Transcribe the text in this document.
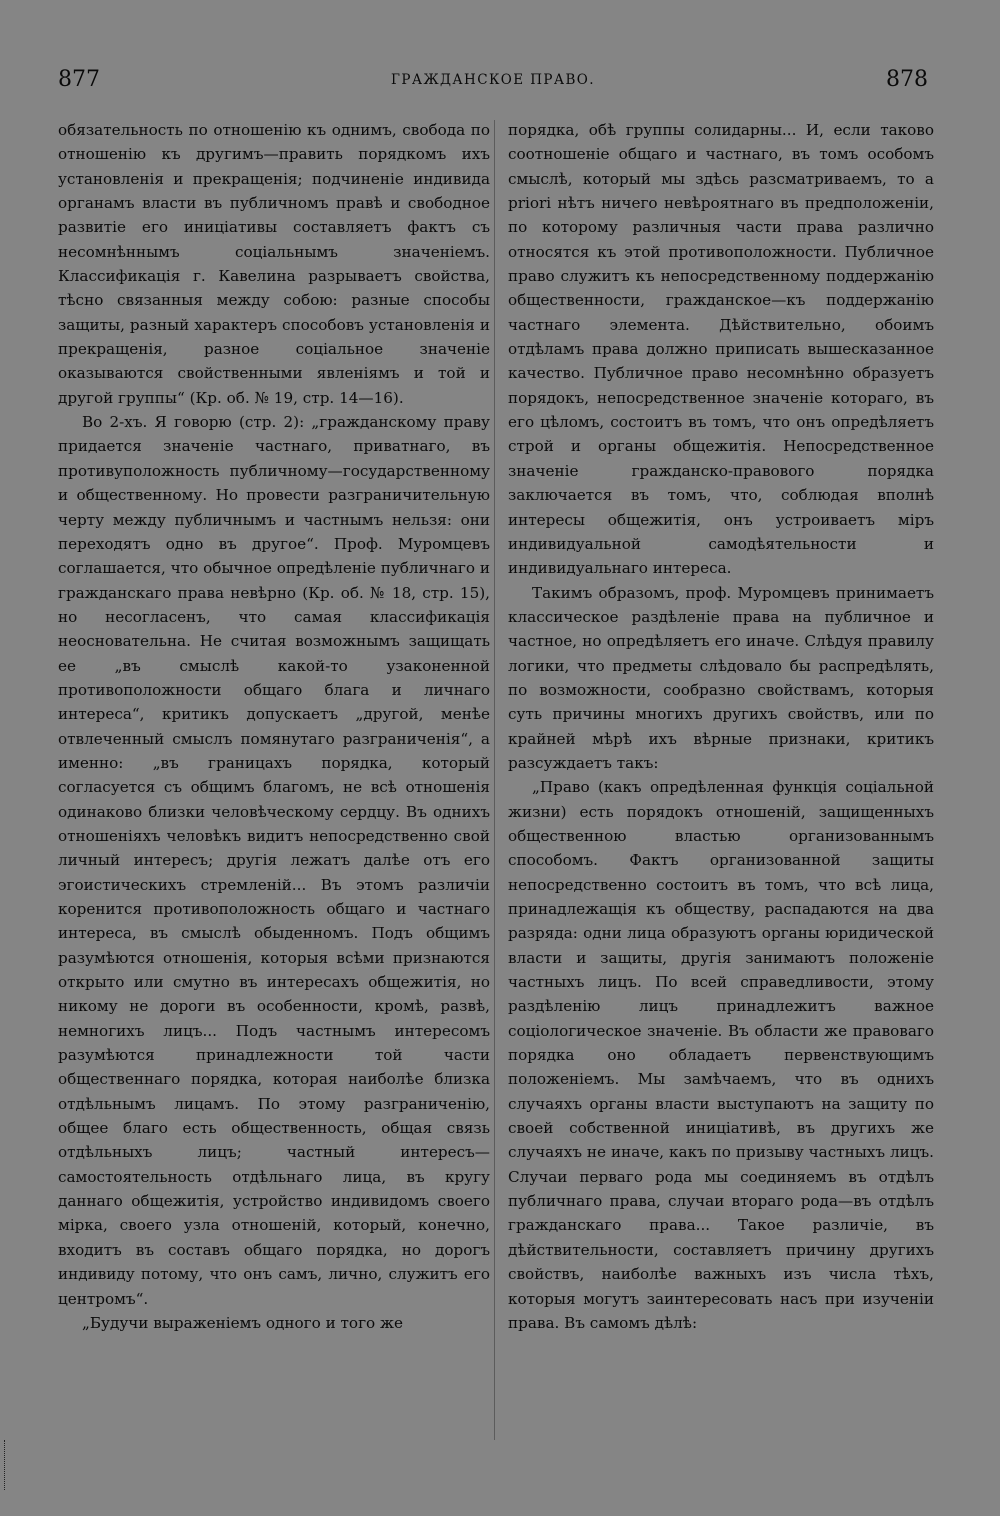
877	ГРАЖДАНСКОЕ ПРАВО.	878

обязательность по отношенію къ однимъ, свобода по отношенію къ другимъ—править порядкомъ ихъ установленія и прекращенія; подчиненіе индивида органамъ власти въ публичномъ правѣ и свободное развитіе его иниціативы составляетъ фактъ съ несомнѣннымъ соціальнымъ значеніемъ. Классификація г. Кавелина разрываетъ свойства, тѣсно связанныя между собою: разные способы защиты, разный характеръ способовъ установленія и прекращенія, разное соціальное значеніе оказываются свойственными явленіямъ и той и другой группы“ (Кр. об. № 19, стр. 14—16).

Во 2-хъ. Я говорю (стр. 2): „гражданскому праву придается значеніе частнаго, приватнаго, въ противуположность публичному—государственному и общественному. Но провести разграничительную черту между публичнымъ и частнымъ нельзя: они переходятъ одно въ другое“. Проф. Муромцевъ соглашается, что обычное опредѣленіе публичнаго и гражданскаго права невѣрно (Кр. об. № 18, стр. 15), но несогласенъ, что самая классификація неосновательна. Не считая возможнымъ защищать ее „въ смыслѣ какой-то узаконенной противоположности общаго блага и личнаго интереса“, критикъ допускаетъ „другой, менѣе отвлеченный смыслъ помянутаго разграниченія“, а именно: „въ границахъ порядка, который согласуется съ общимъ благомъ, не всѣ отношенія одинаково близки человѣческому сердцу. Въ однихъ отношеніяхъ человѣкъ видитъ непосредственно свой личный интересъ; другія лежатъ далѣе отъ его эгоистическихъ стремленій... Въ этомъ различіи коренится противоположность общаго и частнаго интереса, въ смыслѣ обыденномъ. Подъ общимъ разумѣются отношенія, которыя всѣми признаются открыто или смутно въ интересахъ общежитія, но никому не дороги въ особенности, кромѣ, развѣ, немногихъ лицъ... Подъ частнымъ интересомъ разумѣются принадлежности той части общественнаго порядка, которая наиболѣе близка отдѣльнымъ лицамъ. По этому разграниченію, общее благо есть общественность, общая связь отдѣльныхъ лицъ; частный интересъ—самостоятельность отдѣльнаго лица, въ кругу даннаго общежитія, устройство индивидомъ своего мірка, своего узла отношеній, который, конечно, входитъ въ составъ общаго порядка, но дорогъ индивиду потому, что онъ самъ, лично, служитъ его центромъ“.

„Будучи выраженіемъ одного и того же

порядка, обѣ группы солидарны... И, если таково соотношеніе общаго и частнаго, въ томъ особомъ смыслѣ, который мы здѣсь разсматриваемъ, то a priori нѣтъ ничего невѣроятнаго въ предположеніи, по которому различныя части права различно относятся къ этой противоположности. Публичное право служитъ къ непосредственному поддержанію общественности, гражданское—къ поддержанію частнаго элемента. Дѣйствительно, обоимъ отдѣламъ права должно приписать вышесказанное качество. Публичное право несомнѣнно образуетъ порядокъ, непосредственное значеніе котораго, въ его цѣломъ, состоитъ въ томъ, что онъ опредѣляетъ строй и органы общежитія. Непосредственное значеніе гражданско-правового порядка заключается въ томъ, что, соблюдая вполнѣ интересы общежитія, онъ устроиваетъ міръ индивидуальной самодѣятельности и индивидуальнаго интереса.

Такимъ образомъ, проф. Муромцевъ принимаетъ классическое раздѣленіе права на публичное и частное, но опредѣляетъ его иначе. Слѣдуя правилу логики, что предметы слѣдовало бы распредѣлять, по возможности, сообразно свойствамъ, которыя суть причины многихъ другихъ свойствъ, или по крайней мѣрѣ ихъ вѣрные признаки, критикъ разсуждаетъ такъ:

„Право (какъ опредѣленная функція соціальной жизни) есть порядокъ отношеній, защищенныхъ общественною властью организованнымъ способомъ. Фактъ организованной защиты непосредственно состоитъ въ томъ, что всѣ лица, принадлежащія къ обществу, распадаются на два разряда: одни лица образуютъ органы юридической власти и защиты, другія занимаютъ положеніе частныхъ лицъ. По всей справедливости, этому раздѣленію лицъ принадлежитъ важное соціологическое значеніе. Въ области же правоваго порядка оно обладаетъ первенствующимъ положеніемъ. Мы замѣчаемъ, что въ однихъ случаяхъ органы власти выступаютъ на защиту по своей собственной иниціативѣ, въ другихъ же случаяхъ не иначе, какъ по призыву частныхъ лицъ. Случаи перваго рода мы соединяемъ въ отдѣлъ публичнаго права, случаи втораго рода—въ отдѣлъ гражданскаго права... Такое различіе, въ дѣйствительности, составляетъ причину другихъ свойствъ, наиболѣе важныхъ изъ числа тѣхъ, которыя могутъ заинтересовать насъ при изученіи права. Въ самомъ дѣлѣ:
